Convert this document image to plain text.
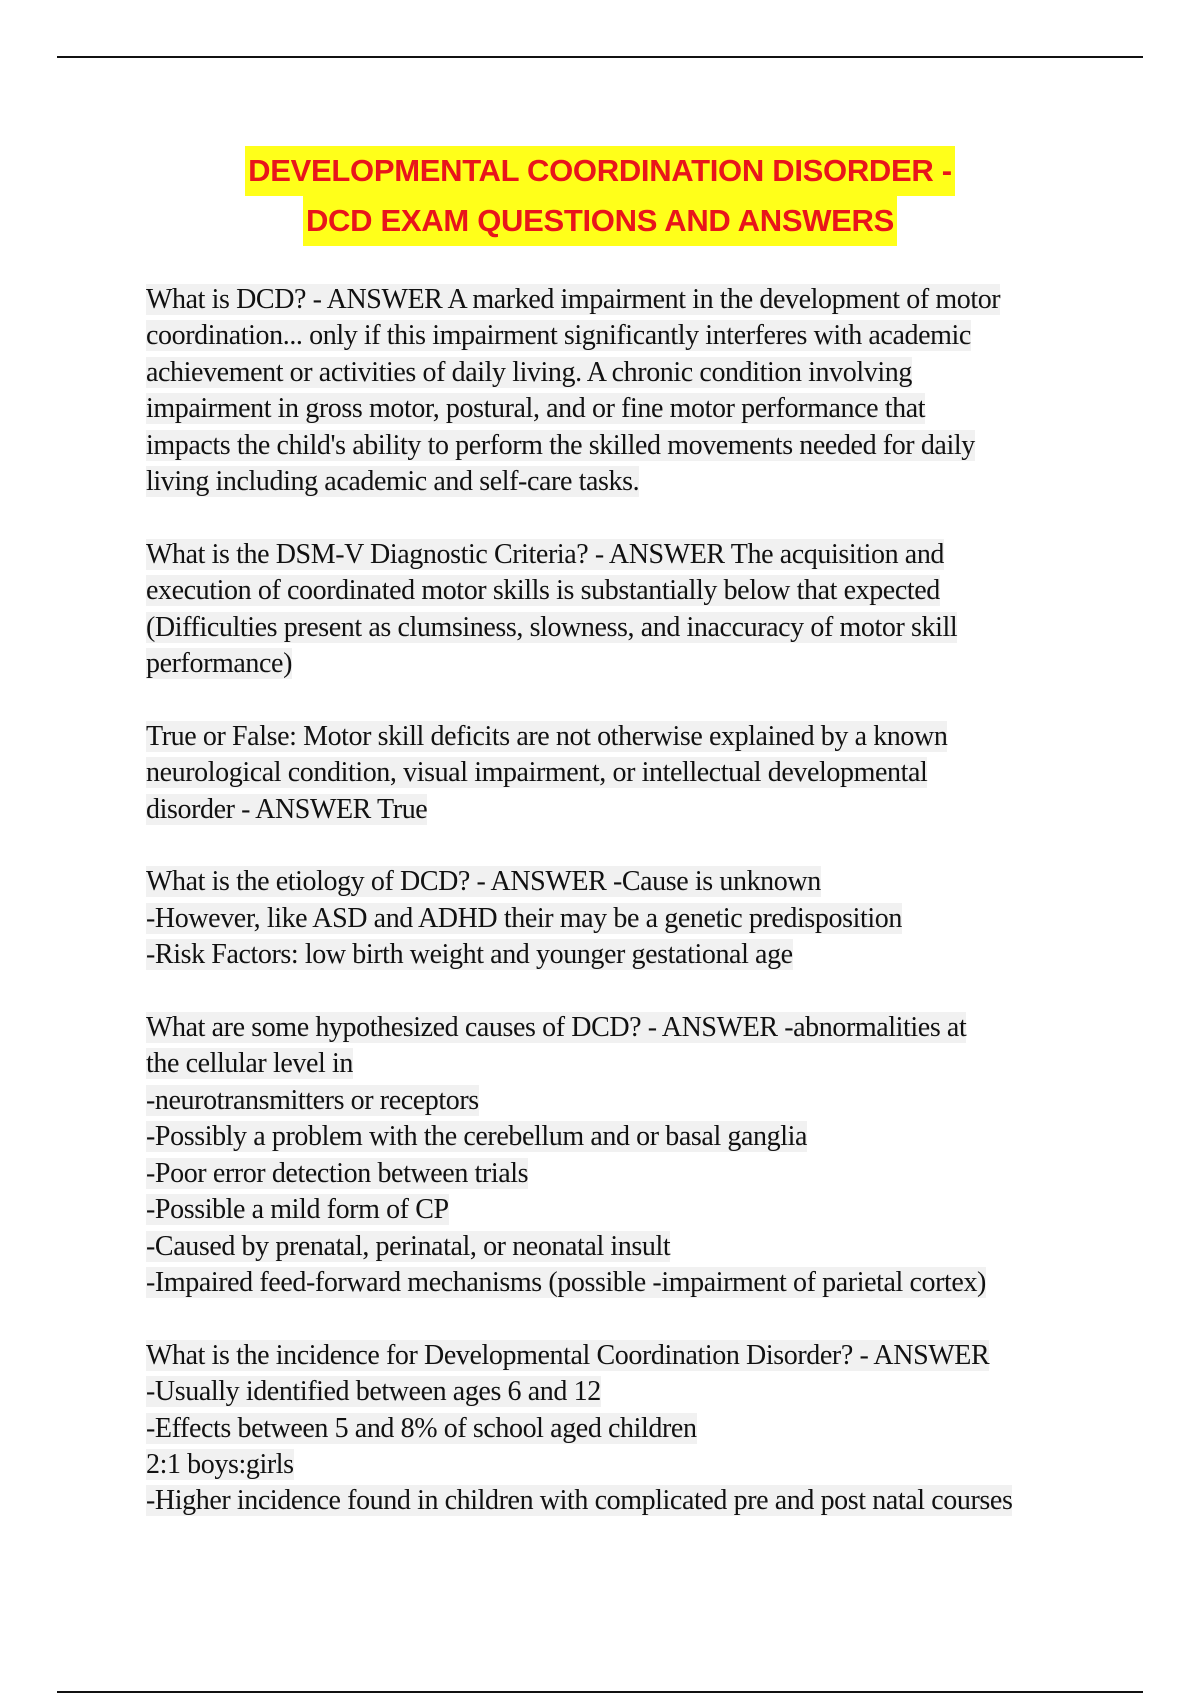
DEVELOPMENTAL COORDINATION DISORDER -
DCD EXAM QUESTIONS AND ANSWERS
What is DCD? - ANSWER A marked impairment in the development of motor
coordination... only if this impairment significantly interferes with academic
achievement or activities of daily living. A chronic condition involving
impairment in gross motor, postural, and or fine motor performance that
impacts the child's ability to perform the skilled movements needed for daily
living including academic and self-care tasks.
What is the DSM-V Diagnostic Criteria? - ANSWER The acquisition and
execution of coordinated motor skills is substantially below that expected
(Difficulties present as clumsiness, slowness, and inaccuracy of motor skill
performance)
True or False: Motor skill deficits are not otherwise explained by a known
neurological condition, visual impairment, or intellectual developmental
disorder - ANSWER True
What is the etiology of DCD? - ANSWER -Cause is unknown
-However, like ASD and ADHD their may be a genetic predisposition
-Risk Factors: low birth weight and younger gestational age
What are some hypothesized causes of DCD? - ANSWER -abnormalities at
the cellular level in
-neurotransmitters or receptors
-Possibly a problem with the cerebellum and or basal ganglia
-Poor error detection between trials
-Possible a mild form of CP
-Caused by prenatal, perinatal, or neonatal insult
-Impaired feed-forward mechanisms (possible -impairment of parietal cortex)
What is the incidence for Developmental Coordination Disorder? - ANSWER
-Usually identified between ages 6 and 12
-Effects between 5 and 8% of school aged children
2:1 boys:girls
-Higher incidence found in children with complicated pre and post natal courses
